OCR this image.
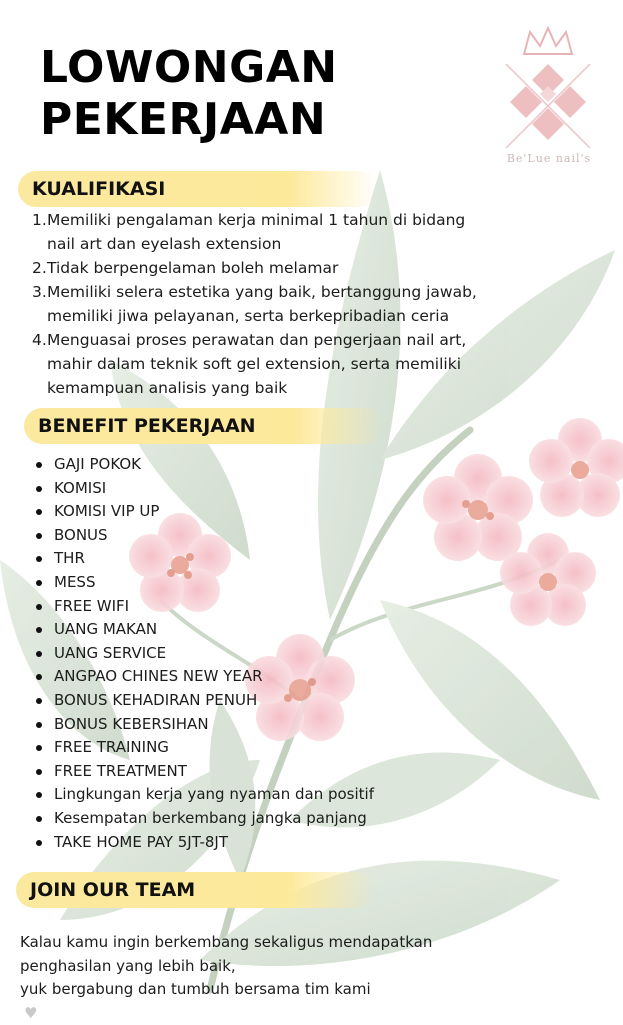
LOWONGAN
PEKERJAAN
Be'Lue nail's
KUALIFIKASI
1. Memiliki pengalaman kerja minimal 1 tahun di bidang
nail art dan eyelash extension
2. Tidak berpengelaman boleh melamar
3. Memiliki selera estetika yang baik, bertanggung jawab,
memiliki jiwa pelayanan, serta berkepribadian ceria
4. Menguasai proses perawatan dan pengerjaan nail art,
mahir dalam teknik soft gel extension, serta memiliki
kemampuan analisis yang baik
BENEFIT PEKERJAAN
GAJI POKOK
KOMISI
KOMISI VIP UP
BONUS
THR
MESS
FREE WIFI
UANG MAKAN
UANG SERVICE
ANGPAO CHINES NEW YEAR
BONUS KEHADIRAN PENUH
BONUS KEBERSIHAN
FREE TRAINING
FREE TREATMENT
Lingkungan kerja yang nyaman dan positif
Kesempatan berkembang jangka panjang
TAKE HOME PAY 5JT-8JT
JOIN OUR TEAM

Kalau kamu ingin berkembang sekaligus mendapatkan
penghasilan yang lebih baik,
yuk bergabung dan tumbuh bersama tim kami
♥
